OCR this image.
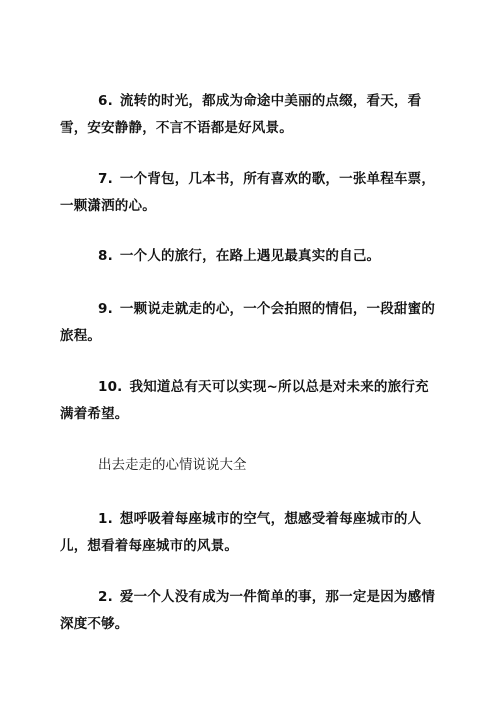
6. 流转的时光，都成为命途中美丽的点缀，看天，看雪，安安静静，不言不语都是好风景。

7. 一个背包，几本书，所有喜欢的歌，一张单程车票，一颗潇洒的心。

8. 一个人的旅行，在路上遇见最真实的自己。

9. 一颗说走就走的心，一个会拍照的情侣，一段甜蜜的旅程。

10. 我知道总有天可以实现~所以总是对未来的旅行充满着希望。

出去走走的心情说说大全

1. 想呼吸着每座城市的空气，想感受着每座城市的人儿，想看着每座城市的风景。

2. 爱一个人没有成为一件简单的事，那一定是因为感情深度不够。
